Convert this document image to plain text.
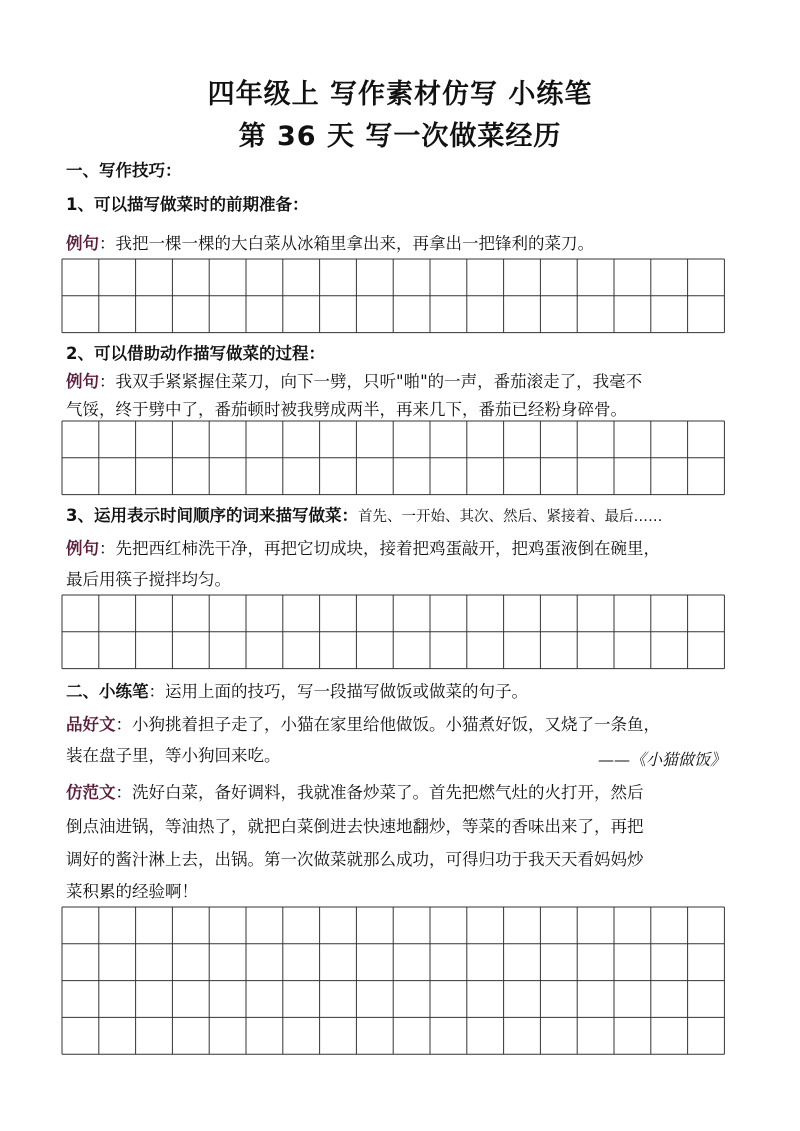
四年级上 写作素材仿写 小练笔
第 36 天 写一次做菜经历
一、写作技巧：
1、可以描写做菜时的前期准备：
例句：我把一棵一棵的大白菜从冰箱里拿出来，再拿出一把锋利的菜刀。
2、可以借助动作描写做菜的过程：
例句：我双手紧紧握住菜刀，向下一劈，只听"啪"的一声，番茄滚走了，我毫不
气馁，终于劈中了，番茄顿时被我劈成两半，再来几下，番茄已经粉身碎骨。
3、运用表示时间顺序的词来描写做菜：首先、一开始、其次、然后、紧接着、最后……
例句：先把西红柿洗干净，再把它切成块，接着把鸡蛋敲开，把鸡蛋液倒在碗里，
最后用筷子搅拌均匀。
二、小练笔：运用上面的技巧，写一段描写做饭或做菜的句子。
品好文：小狗挑着担子走了，小猫在家里给他做饭。小猫煮好饭，又烧了一条鱼，
装在盘子里，等小狗回来吃。	——《小猫做饭》
仿范文：洗好白菜，备好调料，我就准备炒菜了。首先把燃气灶的火打开，然后
倒点油进锅，等油热了，就把白菜倒进去快速地翻炒，等菜的香味出来了，再把
调好的酱汁淋上去，出锅。第一次做菜就那么成功，可得归功于我天天看妈妈炒
菜积累的经验啊！
